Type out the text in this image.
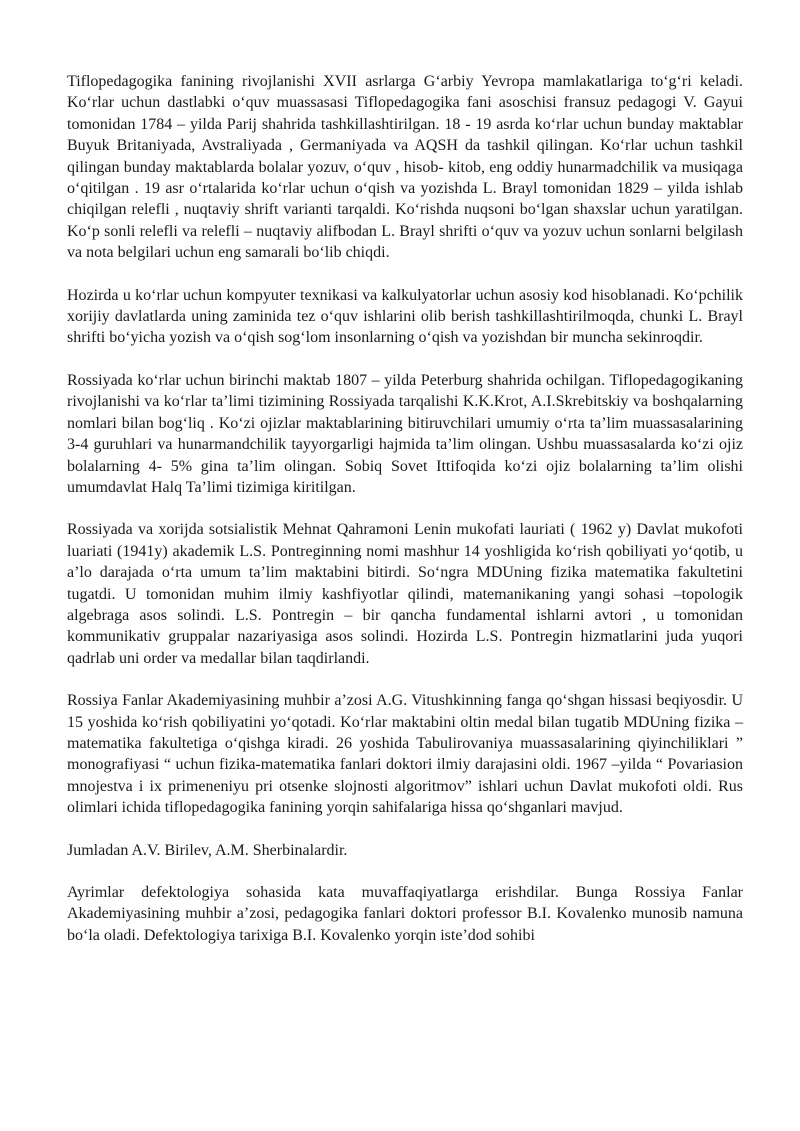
Tiflopedagogika fanining rivojlanishi XVII asrlarga G‘arbiy Yevropa mamlakatlariga to‘g‘ri keladi. Ko‘rlar uchun dastlabki o‘quv muassasasi Tiflopedagogika fani asoschisi fransuz pedagogi V. Gayui tomonidan 1784 – yilda Parij shahrida tashkillashtirilgan. 18 - 19 asrda ko‘rlar uchun bunday maktablar Buyuk Britaniyada, Avstraliyada , Germaniyada va AQSH da tashkil qilingan. Ko‘rlar uchun tashkil qilingan bunday maktablarda bolalar yozuv, o‘quv , hisob- kitob, eng oddiy hunarmadchilik va musiqaga o‘qitilgan . 19 asr o‘rtalarida ko‘rlar uchun o‘qish va yozishda L. Brayl tomonidan 1829 – yilda ishlab chiqilgan relefli , nuqtaviy shrift varianti tarqaldi. Ko‘rishda nuqsoni bo‘lgan shaxslar uchun yaratilgan. Ko‘p sonli relefli va relefli – nuqtaviy alifbodan L. Brayl shrifti o‘quv va yozuv uchun sonlarni belgilash va nota belgilari uchun eng samarali bo‘lib chiqdi.

Hozirda u ko‘rlar uchun kompyuter texnikasi va kalkulyatorlar uchun asosiy kod hisoblanadi. Ko‘pchilik xorijiy davlatlarda uning zaminida tez o‘quv ishlarini olib berish tashkillashtirilmoqda, chunki L. Brayl shrifti bo‘yicha yozish va o‘qish sog‘lom insonlarning o‘qish va yozishdan bir muncha sekinroqdir.

Rossiyada ko‘rlar uchun birinchi maktab 1807 – yilda Peterburg shahrida ochilgan. Tiflopedagogikaning rivojlanishi va ko‘rlar ta’limi tizimining Rossiyada tarqalishi K.K.Krot, A.I.Skrebitskiy va boshqalarning nomlari bilan bog‘liq . Ko‘zi ojizlar maktablarining bitiruvchilari umumiy o‘rta ta’lim muassasalarining 3-4 guruhlari va hunarmandchilik tayyorgarligi hajmida ta’lim olingan. Ushbu muassasalarda ko‘zi ojiz bolalarning 4- 5% gina ta’lim olingan. Sobiq Sovet Ittifoqida ko‘zi ojiz bolalarning ta’lim olishi umumdavlat Halq Ta’limi tizimiga kiritilgan.

Rossiyada va xorijda sotsialistik Mehnat Qahramoni Lenin mukofati lauriati ( 1962 y) Davlat mukofoti luariati (1941y) akademik L.S. Pontreginning nomi mashhur 14 yoshligida ko‘rish qobiliyati yo‘qotib, u a’lo darajada o‘rta umum ta’lim maktabini bitirdi. So‘ngra MDUning fizika matematika fakultetini tugatdi. U tomonidan muhim ilmiy kashfiyotlar qilindi, matemanikaning yangi sohasi –topologik algebraga asos solindi. L.S. Pontregin – bir qancha fundamental ishlarni avtori , u tomonidan kommunikativ gruppalar nazariyasiga asos solindi. Hozirda L.S. Pontregin hizmatlarini juda yuqori qadrlab uni order va medallar bilan taqdirlandi.

Rossiya Fanlar Akademiyasining muhbir a’zosi A.G. Vitushkinning fanga qo‘shgan hissasi beqiyosdir. U 15 yoshida ko‘rish qobiliyatini yo‘qotadi. Ko‘rlar maktabini oltin medal bilan tugatib MDUning fizika – matematika fakultetiga o‘qishga kiradi. 26 yoshida Tabulirovaniya muassasalarining qiyinchiliklari ” monografiyasi “ uchun fizika-matematika fanlari doktori ilmiy darajasini oldi. 1967 –yilda “ Povariasion mnojestva i ix primeneniyu pri otsenke slojnosti algoritmov” ishlari uchun Davlat mukofoti oldi. Rus olimlari ichida tiflopedagogika fanining yorqin sahifalariga hissa qo‘shganlari mavjud.

Jumladan A.V. Birilev, A.M. Sherbinalardir.

Ayrimlar defektologiya sohasida kata muvaffaqiyatlarga erishdilar. Bunga Rossiya Fanlar Akademiyasining muhbir a’zosi, pedagogika fanlari doktori professor B.I. Kovalenko munosib namuna bo‘la oladi. Defektologiya tarixiga B.I. Kovalenko yorqin iste’dod sohibi
